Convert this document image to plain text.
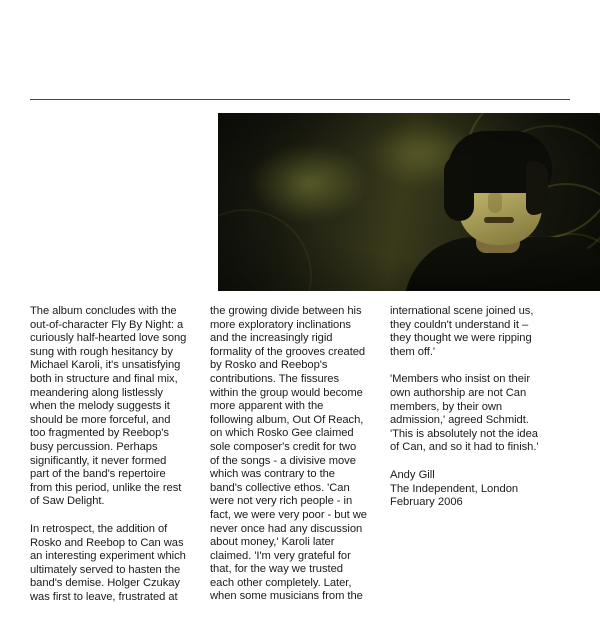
The album concludes with the out-of-character Fly By Night: a curiously half-hearted love song sung with rough hesitancy by Michael Karoli, it's unsatisfying both in structure and final mix, meandering along listlessly when the melody suggests it should be more forceful, and too fragmented by Reebop's busy percussion. Perhaps significantly, it never formed part of the band's repertoire from this period, unlike the rest of Saw Delight.

In retrospect, the addition of Rosko and Reebop to Can was an interesting experiment which ultimately served to hasten the band's demise. Holger Czukay was first to leave, frustrated at

the growing divide between his more exploratory inclinations and the increasingly rigid formality of the grooves created by Rosko and Reebop's contributions. The fissures within the group would become more apparent with the following album, Out Of Reach, on which Rosko Gee claimed sole composer's credit for two of the songs - a divisive move which was contrary to the band's collective ethos. 'Can were not very rich people - in fact, we were very poor - but we never once had any discussion about money,' Karoli later claimed. 'I'm very grateful for that, for the way we trusted each other completely. Later, when some musicians from the

international scene joined us, they couldn't understand it – they thought we were ripping them off.'

'Members who insist on their own authorship are not Can members, by their own admission,' agreed Schmidt. 'This is absolutely not the idea of Can, and so it had to finish.'

Andy Gill
The Independent, London
February 2006
